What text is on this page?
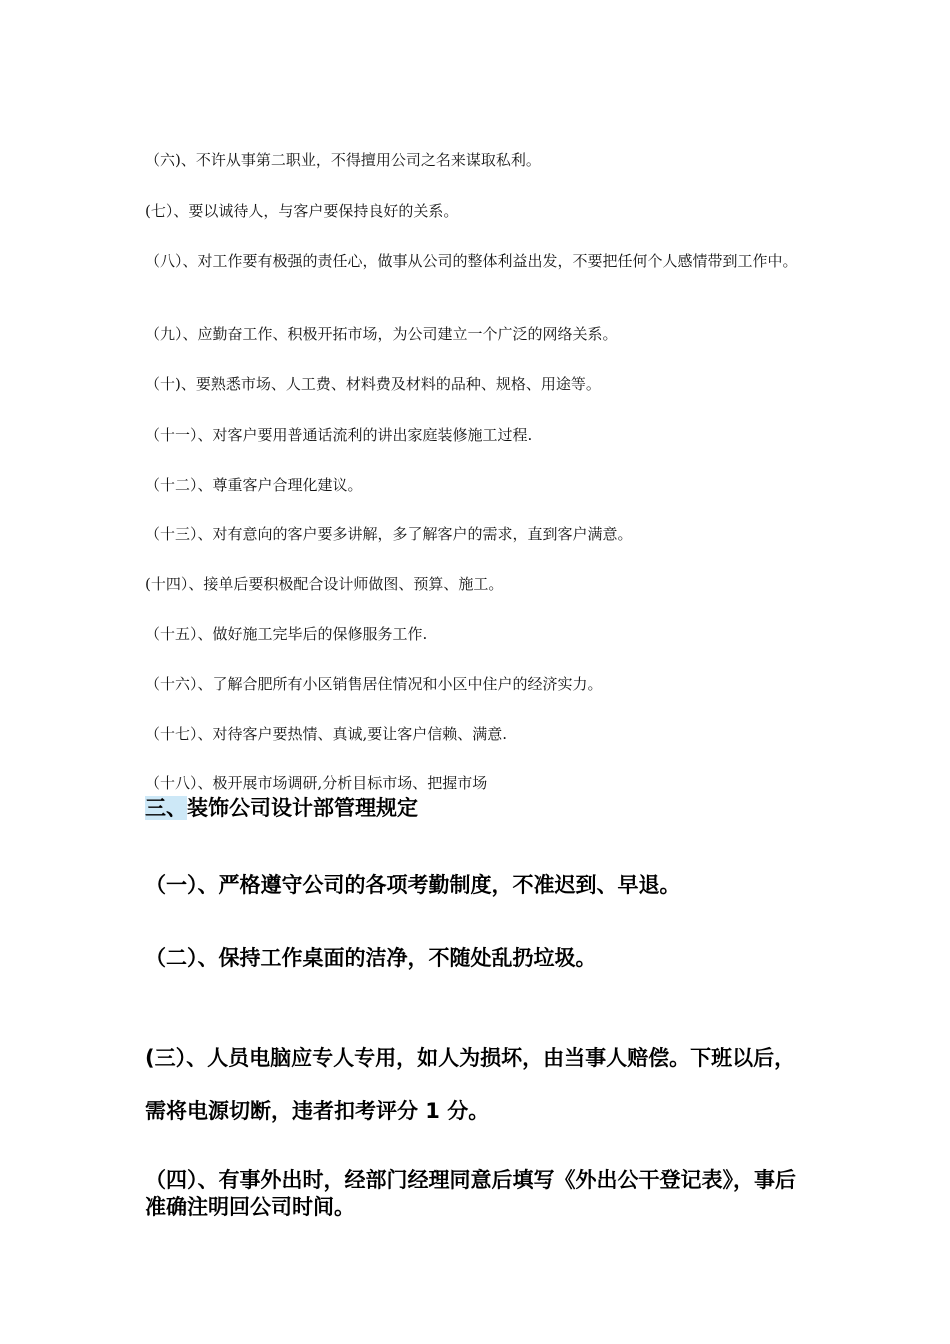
（六)、不许从事第二职业，不得擅用公司之名来谋取私利。
(七）、要以诚待人，与客户要保持良好的关系。
（八）、对工作要有极强的责任心，做事从公司的整体利益出发，不要把任何个人感情带到工作中。
（九）、应勤奋工作、积极开拓市场，为公司建立一个广泛的网络关系。
（十)、要熟悉市场、人工费、材料费及材料的品种、规格、用途等。
（十一）、对客户要用普通话流利的讲出家庭装修施工过程.
（十二）、尊重客户合理化建议。
（十三）、对有意向的客户要多讲解，多了解客户的需求，直到客户满意。
(十四）、接单后要积极配合设计师做图、预算、施工。
（十五）、做好施工完毕后的保修服务工作.
（十六）、了解合肥所有小区销售居住情况和小区中住户的经济实力。
（十七）、对待客户要热情、真诚,要让客户信赖、满意.
（十八）、极开展市场调研,分析目标市场、把握市场
三、装饰公司设计部管理规定
（一）、严格遵守公司的各项考勤制度，不准迟到、早退。
（二）、保持工作桌面的洁净，不随处乱扔垃圾。
(三）、人员电脑应专人专用，如人为损坏，由当事人赔偿。下班以后，需将电源切断，违者扣考评分 1 分。
（四）、有事外出时，经部门经理同意后填写《外出公干登记表》，事后准确注明回公司时间。
